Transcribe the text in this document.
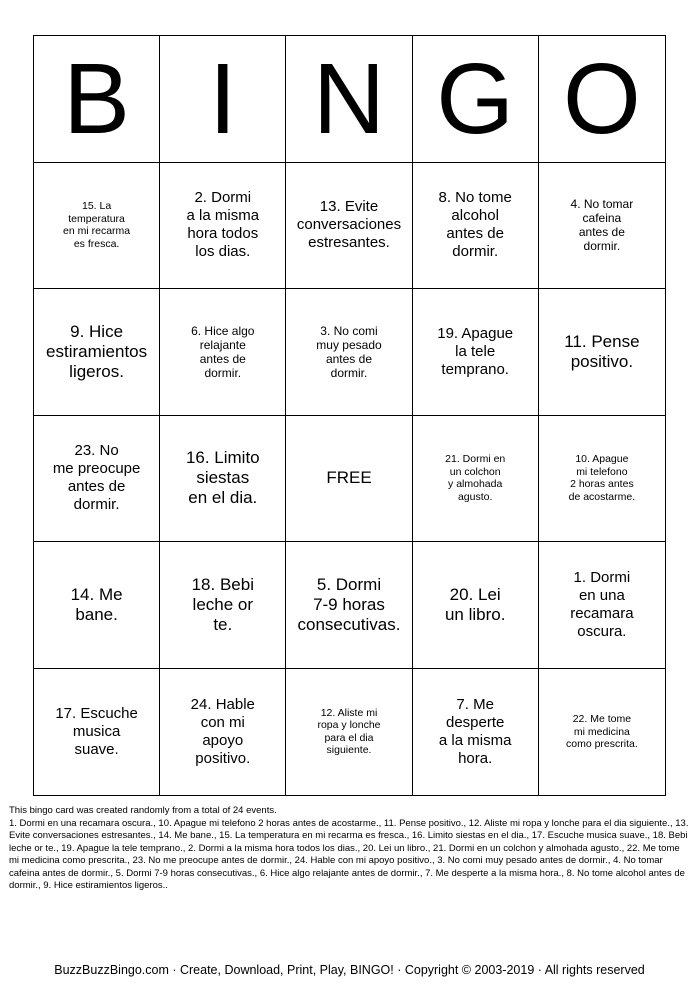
B I N G O
15. La
temperatura
en mi recarma
es fresca.
2. Dormi
a la misma
hora todos
los dias.
13. Evite
conversaciones
estresantes.
8. No tome
alcohol
antes de
dormir.
4. No tomar
cafeina
antes de
dormir.
9. Hice
estiramientos
ligeros.
6. Hice algo
relajante
antes de
dormir.
3. No comi
muy pesado
antes de
dormir.
19. Apague
la tele
temprano.
11. Pense
positivo.
23. No
me preocupe
antes de
dormir.
16. Limito
siestas
en el dia.
FREE
21. Dormi en
un colchon
y almohada
agusto.
10. Apague
mi telefono
2 horas antes
de acostarme.
14. Me
bane.
18. Bebi
leche or
te.
5. Dormi
7-9 horas
consecutivas.
20. Lei
un libro.
1. Dormi
en una
recamara
oscura.
17. Escuche
musica
suave.
24. Hable
con mi
apoyo
positivo.
12. Aliste mi
ropa y lonche
para el dia
siguiente.
7. Me
desperte
a la misma
hora.
22. Me tome
mi medicina
como prescrita.

This bingo card was created randomly from a total of 24 events.

1. Dormi en una recamara oscura., 10. Apague mi telefono 2 horas antes de acostarme., 11. Pense positivo., 12. Aliste mi ropa y lonche para el dia siguiente., 13. Evite conversaciones estresantes., 14. Me bane., 15. La temperatura en mi recarma es fresca., 16. Limito siestas en el dia., 17. Escuche musica suave., 18. Bebi leche or te., 19. Apague la tele temprano., 2. Dormi a la misma hora todos los dias., 20. Lei un libro., 21. Dormi en un colchon y almohada agusto., 22. Me tome mi medicina como prescrita., 23. No me preocupe antes de dormir., 24. Hable con mi apoyo positivo., 3. No comi muy pesado antes de dormir., 4. No tomar cafeina antes de dormir., 5. Dormi 7-9 horas consecutivas., 6. Hice algo relajante antes de dormir., 7. Me desperte a la misma hora., 8. No tome alcohol antes de dormir., 9. Hice estiramientos ligeros..

BuzzBuzzBingo.com · Create, Download, Print, Play, BINGO! · Copyright © 2003-2019 · All rights reserved
